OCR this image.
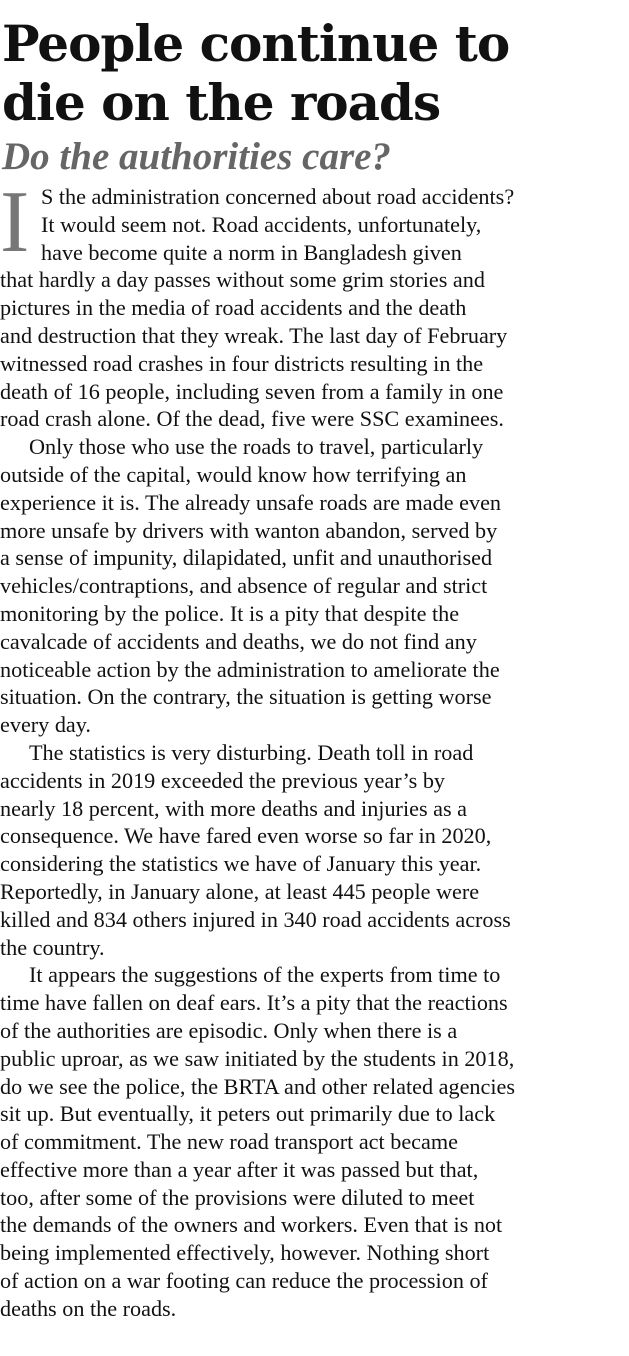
People continue to
die on the roads
Do the authorities care?

I S the administration concerned about road accidents?
It would seem not. Road accidents, unfortunately,
have become quite a norm in Bangladesh given
that hardly a day passes without some grim stories and
pictures in the media of road accidents and the death
and destruction that they wreak. The last day of February
witnessed road crashes in four districts resulting in the
death of 16 people, including seven from a family in one
road crash alone. Of the dead, five were SSC examinees.

Only those who use the roads to travel, particularly
outside of the capital, would know how terrifying an
experience it is. The already unsafe roads are made even
more unsafe by drivers with wanton abandon, served by
a sense of impunity, dilapidated, unfit and unauthorised
vehicles/contraptions, and absence of regular and strict
monitoring by the police. It is a pity that despite the
cavalcade of accidents and deaths, we do not find any
noticeable action by the administration to ameliorate the
situation. On the contrary, the situation is getting worse
every day.

The statistics is very disturbing. Death toll in road
accidents in 2019 exceeded the previous year’s by
nearly 18 percent, with more deaths and injuries as a
consequence. We have fared even worse so far in 2020,
considering the statistics we have of January this year.
Reportedly, in January alone, at least 445 people were
killed and 834 others injured in 340 road accidents across
the country.

It appears the suggestions of the experts from time to
time have fallen on deaf ears. It’s a pity that the reactions
of the authorities are episodic. Only when there is a
public uproar, as we saw initiated by the students in 2018,
do we see the police, the BRTA and other related agencies
sit up. But eventually, it peters out primarily due to lack
of commitment. The new road transport act became
effective more than a year after it was passed but that,
too, after some of the provisions were diluted to meet
the demands of the owners and workers. Even that is not
being implemented effectively, however. Nothing short
of action on a war footing can reduce the procession of
deaths on the roads.
